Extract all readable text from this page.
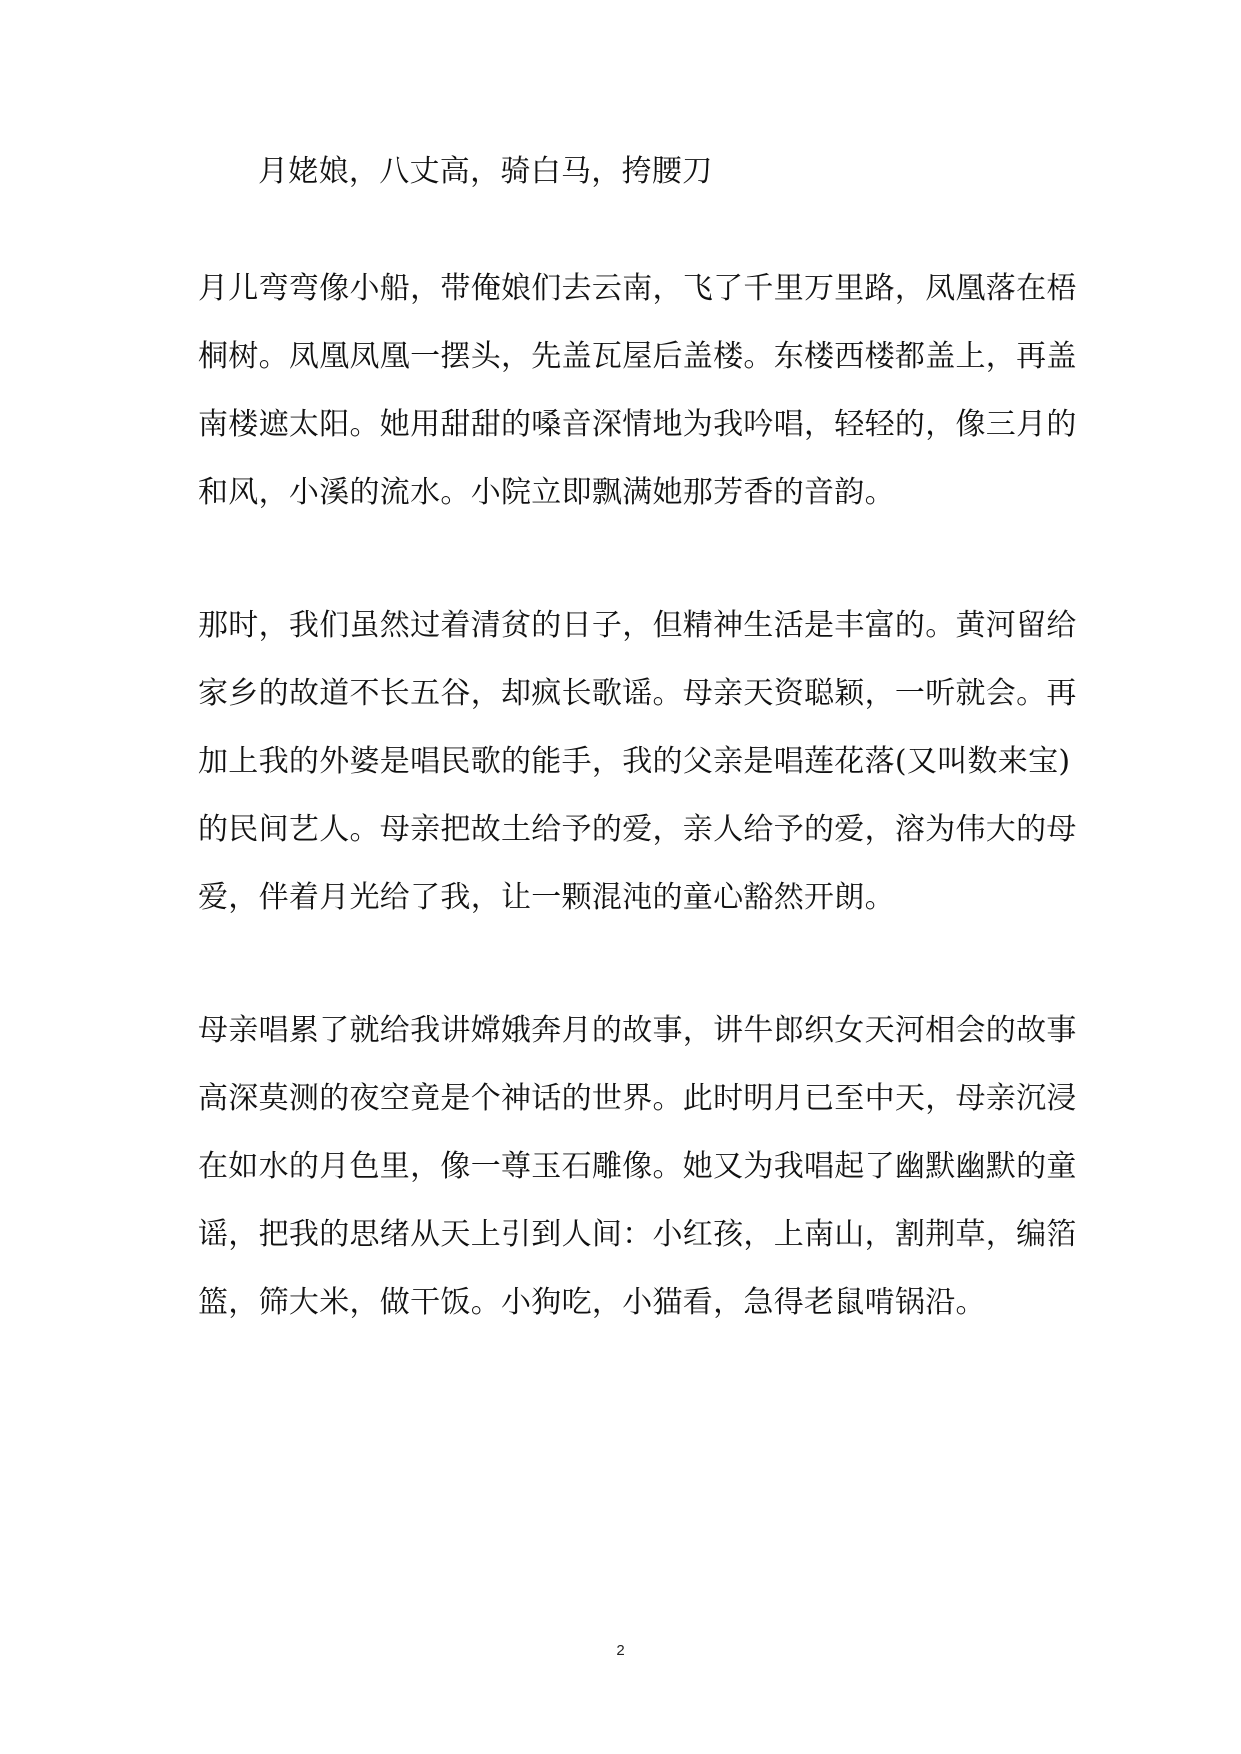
月姥娘，八丈高，骑白马，挎腰刀
月儿弯弯像小船，带俺娘们去云南，飞了千里万里路，凤凰落在梧
桐树。凤凰凤凰一摆头，先盖瓦屋后盖楼。东楼西楼都盖上，再盖
南楼遮太阳。她用甜甜的嗓音深情地为我吟唱，轻轻的，像三月的
和风，小溪的流水。小院立即飘满她那芳香的音韵。
那时，我们虽然过着清贫的日子，但精神生活是丰富的。黄河留给
家乡的故道不长五谷，却疯长歌谣。母亲天资聪颖，一听就会。再
加上我的外婆是唱民歌的能手，我的父亲是唱莲花落(又叫数来宝)
的民间艺人。母亲把故土给予的爱，亲人给予的爱，溶为伟大的母
爱，伴着月光给了我，让一颗混沌的童心豁然开朗。
母亲唱累了就给我讲嫦娥奔月的故事，讲牛郎织女天河相会的故事
高深莫测的夜空竟是个神话的世界。此时明月已至中天，母亲沉浸
在如水的月色里，像一尊玉石雕像。她又为我唱起了幽默幽默的童
谣，把我的思绪从天上引到人间：小红孩，上南山，割荆草，编箔
篮，筛大米，做干饭。小狗吃，小猫看，急得老鼠啃锅沿。
2
